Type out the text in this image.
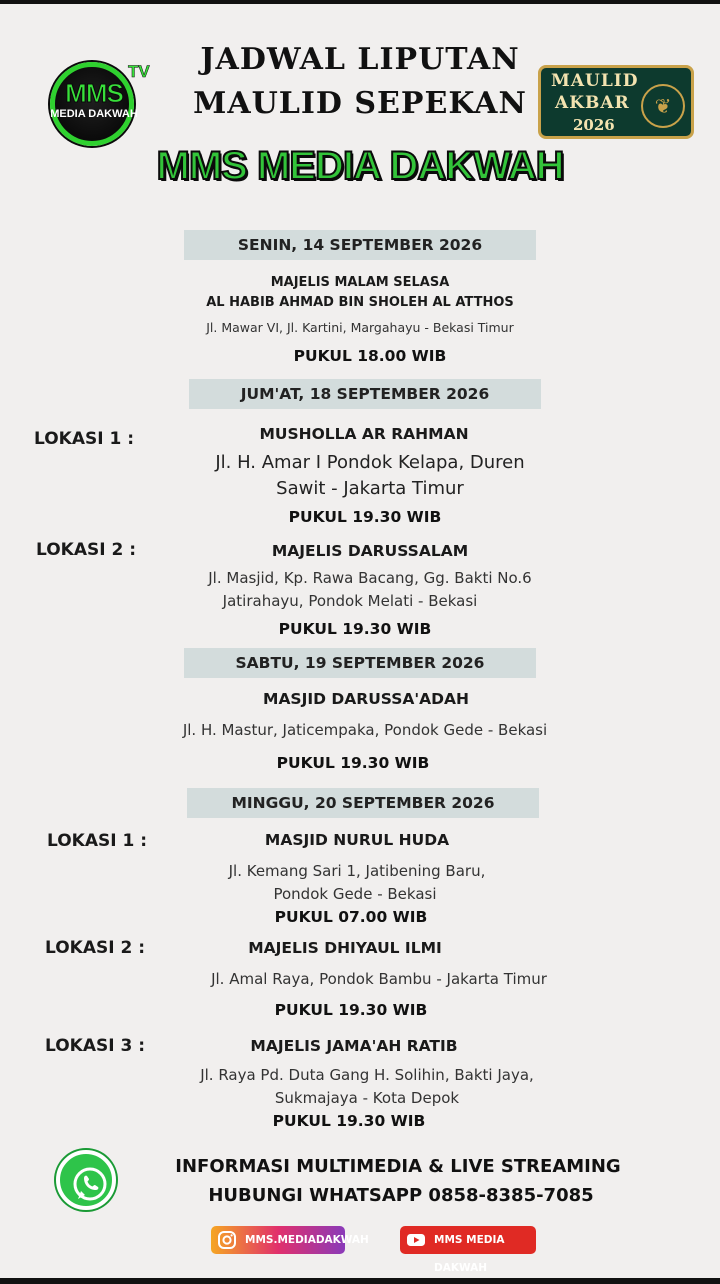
MMS
TV
MEDIA DAKWAH
JADWAL LIPUTAN
MAULID SEPEKAN
MAULID
AKBAR
2026
❦
MMS MEDIA DAKWAH
SENIN, 14 SEPTEMBER 2026
MAJELIS MALAM SELASA
AL HABIB AHMAD BIN SHOLEH AL ATTHOS
Jl. Mawar VI, Jl. Kartini, Margahayu - Bekasi Timur
PUKUL 18.00 WIB
JUM'AT, 18 SEPTEMBER 2026
LOKASI 1 :	MUSHOLLA AR RAHMAN
Jl. H. Amar I Pondok Kelapa, Duren
Sawit - Jakarta Timur
PUKUL 19.30 WIB
LOKASI 2 :	MAJELIS DARUSSALAM
Jl. Masjid, Kp. Rawa Bacang, Gg. Bakti No.6
Jatirahayu, Pondok Melati - Bekasi
PUKUL 19.30 WIB
SABTU, 19 SEPTEMBER 2026
MASJID DARUSSA'ADAH
Jl. H. Mastur, Jaticempaka, Pondok Gede - Bekasi
PUKUL 19.30 WIB
MINGGU, 20 SEPTEMBER 2026
LOKASI 1 :	MASJID NURUL HUDA
Jl. Kemang Sari 1, Jatibening Baru,
Pondok Gede - Bekasi
PUKUL 07.00 WIB
LOKASI 2 :	MAJELIS DHIYAUL ILMI
Jl. Amal Raya, Pondok Bambu - Jakarta Timur
PUKUL 19.30 WIB
LOKASI 3 :	MAJELIS JAMA'AH RATIB
Jl. Raya Pd. Duta Gang H. Solihin, Bakti Jaya,
Sukmajaya - Kota Depok
PUKUL 19.30 WIB
INFORMASI MULTIMEDIA & LIVE STREAMING
HUBUNGI WHATSAPP 0858-8385-7085
MMS.MEDIADAKWAH	MMS MEDIA DAKWAH
